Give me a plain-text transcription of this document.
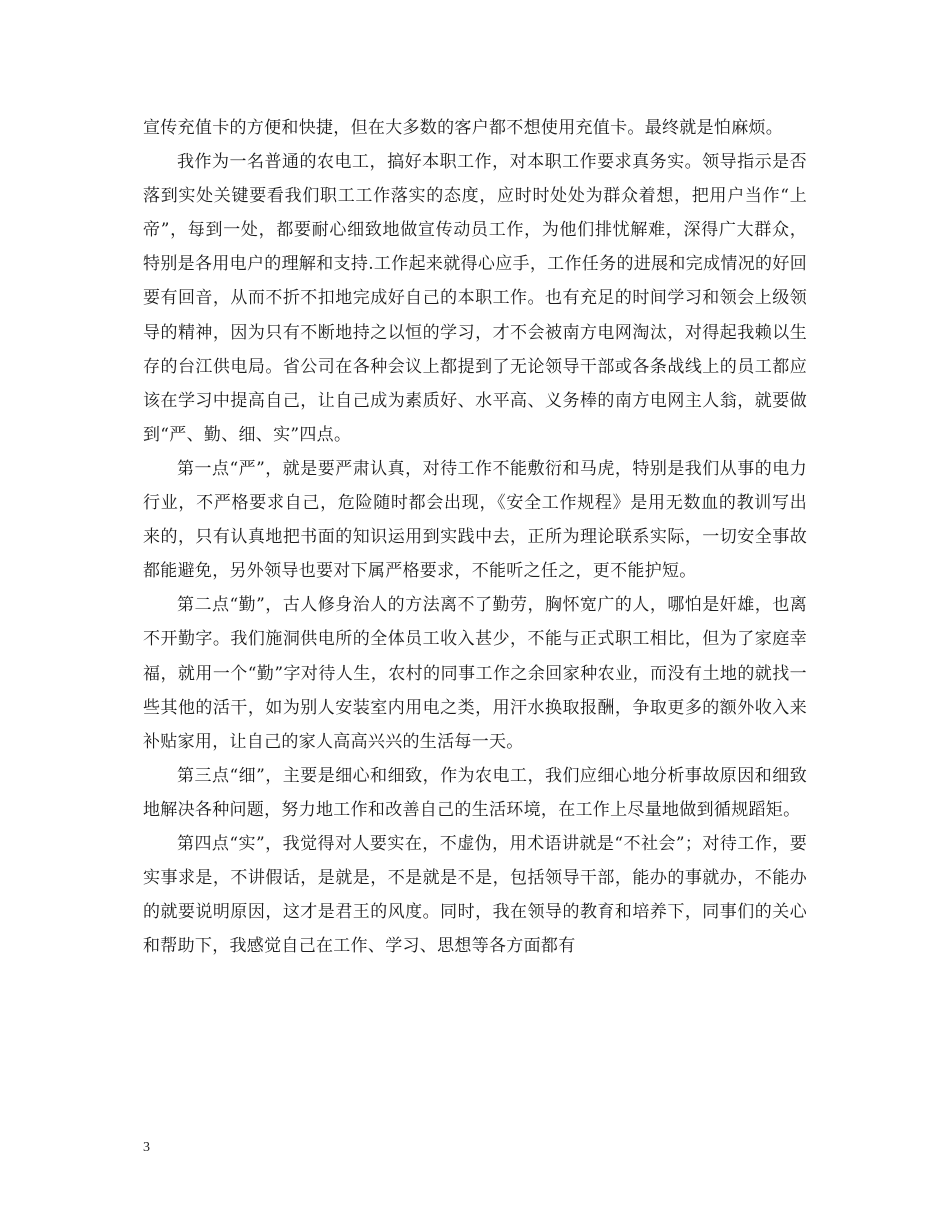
宣传充值卡的方便和快捷，但在大多数的客户都不想使用充值卡。最终就是怕麻烦。

我作为一名普通的农电工，搞好本职工作，对本职工作要求真务实。领导指示是否落到实处关键要看我们职工工作落实的态度，应时时处处为群众着想，把用户当作“上帝”，每到一处，都要耐心细致地做宣传动员工作，为他们排忧解难，深得广大群众，特别是各用电户的理解和支持.工作起来就得心应手，工作任务的进展和完成情况的好回要有回音，从而不折不扣地完成好自己的本职工作。也有充足的时间学习和领会上级领导的精神，因为只有不断地持之以恒的学习，才不会被南方电网淘汰，对得起我赖以生存的台江供电局。省公司在各种会议上都提到了无论领导干部或各条战线上的员工都应该在学习中提高自己，让自己成为素质好、水平高、义务棒的南方电网主人翁，就要做到“严、勤、细、实”四点。

第一点“严”，就是要严肃认真，对待工作不能敷衍和马虎，特别是我们从事的电力行业，不严格要求自己，危险随时都会出现，《安全工作规程》是用无数血的教训写出来的，只有认真地把书面的知识运用到实践中去，正所为理论联系实际，一切安全事故都能避免，另外领导也要对下属严格要求，不能听之任之，更不能护短。

第二点“勤”，古人修身治人的方法离不了勤劳，胸怀宽广的人，哪怕是奸雄，也离不开勤字。我们施洞供电所的全体员工收入甚少，不能与正式职工相比，但为了家庭幸福，就用一个“勤”字对待人生，农村的同事工作之余回家种农业，而没有土地的就找一些其他的活干，如为别人安装室内用电之类，用汗水换取报酬，争取更多的额外收入来补贴家用，让自己的家人高高兴兴的生活每一天。

第三点“细”，主要是细心和细致，作为农电工，我们应细心地分析事故原因和细致地解决各种问题，努力地工作和改善自己的生活环境，在工作上尽量地做到循规蹈矩。

第四点“实”，我觉得对人要实在，不虚伪，用术语讲就是“不社会”；对待工作，要实事求是，不讲假话，是就是，不是就是不是，包括领导干部，能办的事就办，不能办的就要说明原因，这才是君王的风度。同时，我在领导的教育和培养下，同事们的关心和帮助下，我感觉自己在工作、学习、思想等各方面都有

3
